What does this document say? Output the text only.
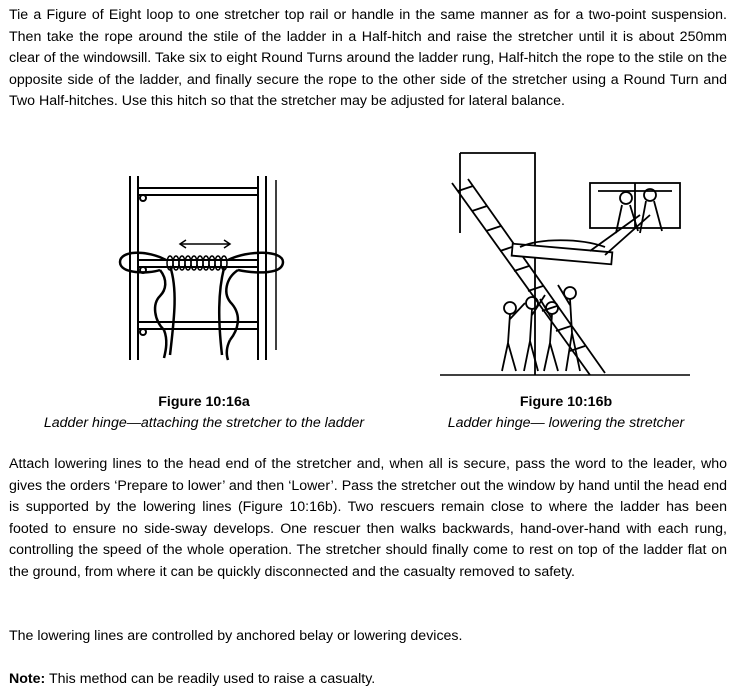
Tie a Figure of Eight loop to one stretcher top rail or handle in the same manner as for a two-point suspension. Then take the rope around the stile of the ladder in a Half-hitch and raise the stretcher until it is about 250mm clear of the windowsill. Take six to eight Round Turns around the ladder rung, Half-hitch the rope to the stile on the opposite side of the ladder, and finally secure the rope to the other side of the stretcher using a Round Turn and Two Half-hitches. Use this hitch so that the stretcher may be adjusted for lateral balance.

Figure 10:16a
Ladder hinge—attaching the stretcher to the ladder
Figure 10:16b
Ladder hinge— lowering the stretcher

Attach lowering lines to the head end of the stretcher and, when all is secure, pass the word to the leader, who gives the orders ‘Prepare to lower’ and then ‘Lower’. Pass the stretcher out the window by hand until the head end is supported by the lowering lines (Figure 10:16b). Two rescuers remain close to where the ladder has been footed to ensure no side-sway develops. One rescuer then walks backwards, hand-over-hand with each rung, controlling the speed of the whole operation. The stretcher should finally come to rest on top of the ladder flat on the ground, from where it can be quickly disconnected and the casualty removed to safety.

The lowering lines are controlled by anchored belay or lowering devices.

Note: This method can be readily used to raise a casualty.
